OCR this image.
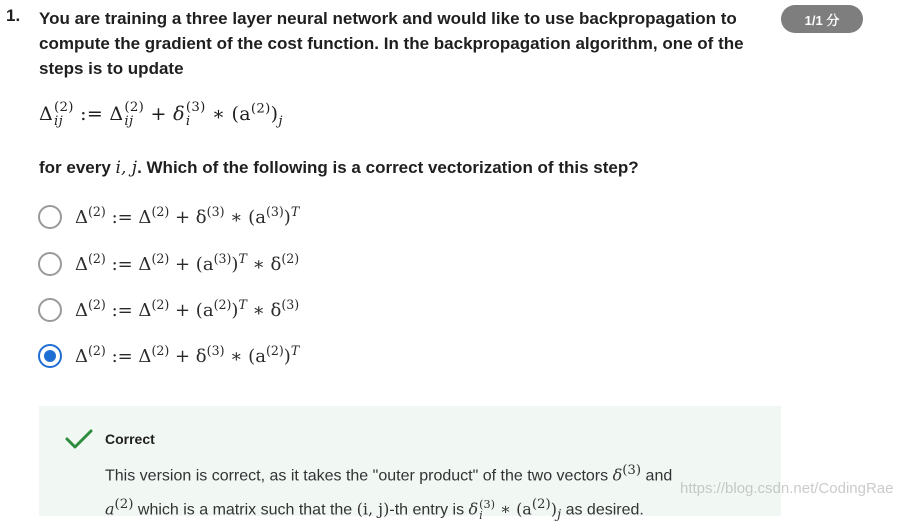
1. You are training a three layer neural network and would like to use backpropagation to compute the gradient of the cost function. In the backpropagation algorithm, one of the steps is to update
1/1 分
Δ (2)
ij := Δ (2)
ij + δ (3)
i	∗ $(a^{(2)})_j$
for every i, j. Which of the following is a correct vectorization of this step?
$\Delta^{(2)}$ := $\Delta^{(2)} + \delta^{(3)}$ ∗ $(a^{(3)})^T$
$\Delta^{(2)}$ := $\Delta^{(2)} + (a^{(3)})^T$ ∗ $\delta^{(2)}$
$\Delta^{(2)}$ := $\Delta^{(2)} + (a^{(2)})^T$ ∗ $\delta^{(3)}$
$\Delta^{(2)}$ := $\Delta^{(2)} + \delta^{(3)}$ ∗ $(a^{(2)})^T$
Correct
This version is correct, as it takes the "outer product" of the two vectors $\delta^{(3)}$ and
$a^{(2)}$ which is a matrix such that the (i, j)-th entry is δ (3)
i ∗ $(a^{(2)})_j$ as desired.
https://blog.csdn.net/CodingRae
